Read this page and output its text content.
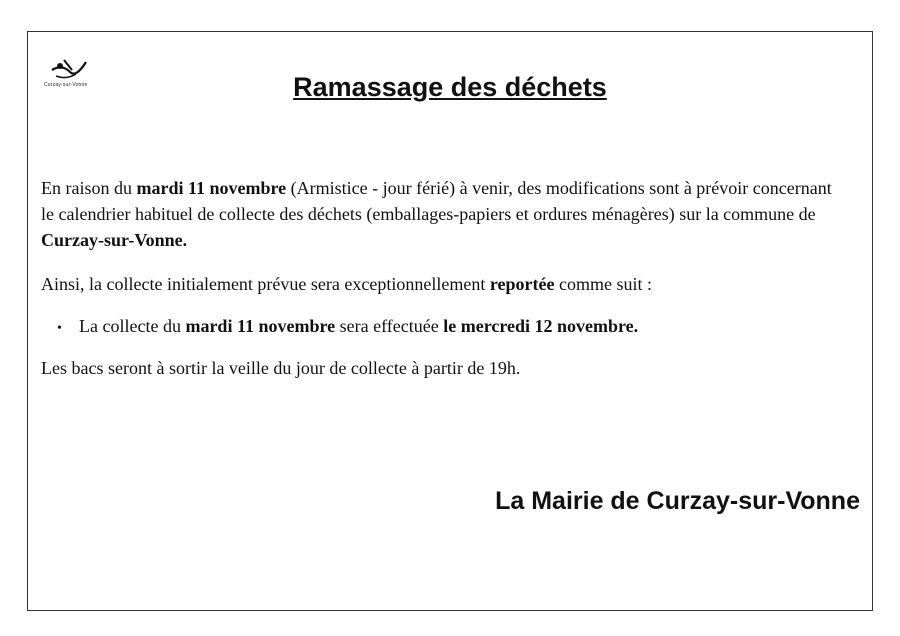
Curzay-sur-Vonne	Ramassage des déchets
En raison du mardi 11 novembre (Armistice - jour férié) à venir, des modifications sont à prévoir concernant le calendrier habituel de collecte des déchets (emballages-papiers et ordures ménagères) sur la commune de Curzay-sur-Vonne.
Ainsi, la collecte initialement prévue sera exceptionnellement reportée comme suit :
• La collecte du mardi 11 novembre sera effectuée le mercredi 12 novembre.
Les bacs seront à sortir la veille du jour de collecte à partir de 19h.
La Mairie de Curzay-sur-Vonne
